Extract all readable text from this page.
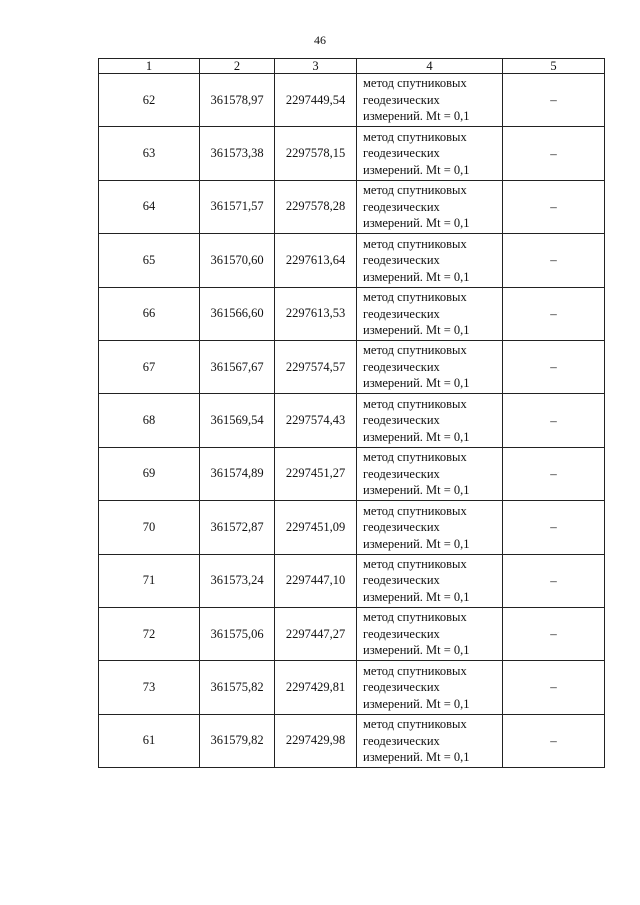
46
1	2	3	4	5
62	361578,97	2297449,54	метод спутниковых
геодезических
измерений. Mt = 0,1	–
63	361573,38	2297578,15	метод спутниковых
геодезических
измерений. Mt = 0,1	–
64	361571,57	2297578,28	метод спутниковых
геодезических
измерений. Mt = 0,1	–
65	361570,60	2297613,64	метод спутниковых
геодезических
измерений. Mt = 0,1	–
66	361566,60	2297613,53	метод спутниковых
геодезических
измерений. Mt = 0,1	–
67	361567,67	2297574,57	метод спутниковых
геодезических
измерений. Mt = 0,1	–
68	361569,54	2297574,43	метод спутниковых
геодезических
измерений. Mt = 0,1	–
69	361574,89	2297451,27	метод спутниковых
геодезических
измерений. Mt = 0,1	–
70	361572,87	2297451,09	метод спутниковых
геодезических
измерений. Mt = 0,1	–
71	361573,24	2297447,10	метод спутниковых
геодезических
измерений. Mt = 0,1	–
72	361575,06	2297447,27	метод спутниковых
геодезических
измерений. Mt = 0,1	–
73	361575,82	2297429,81	метод спутниковых
геодезических
измерений. Mt = 0,1	–
61	361579,82	2297429,98	метод спутниковых
геодезических
измерений. Mt = 0,1	–
